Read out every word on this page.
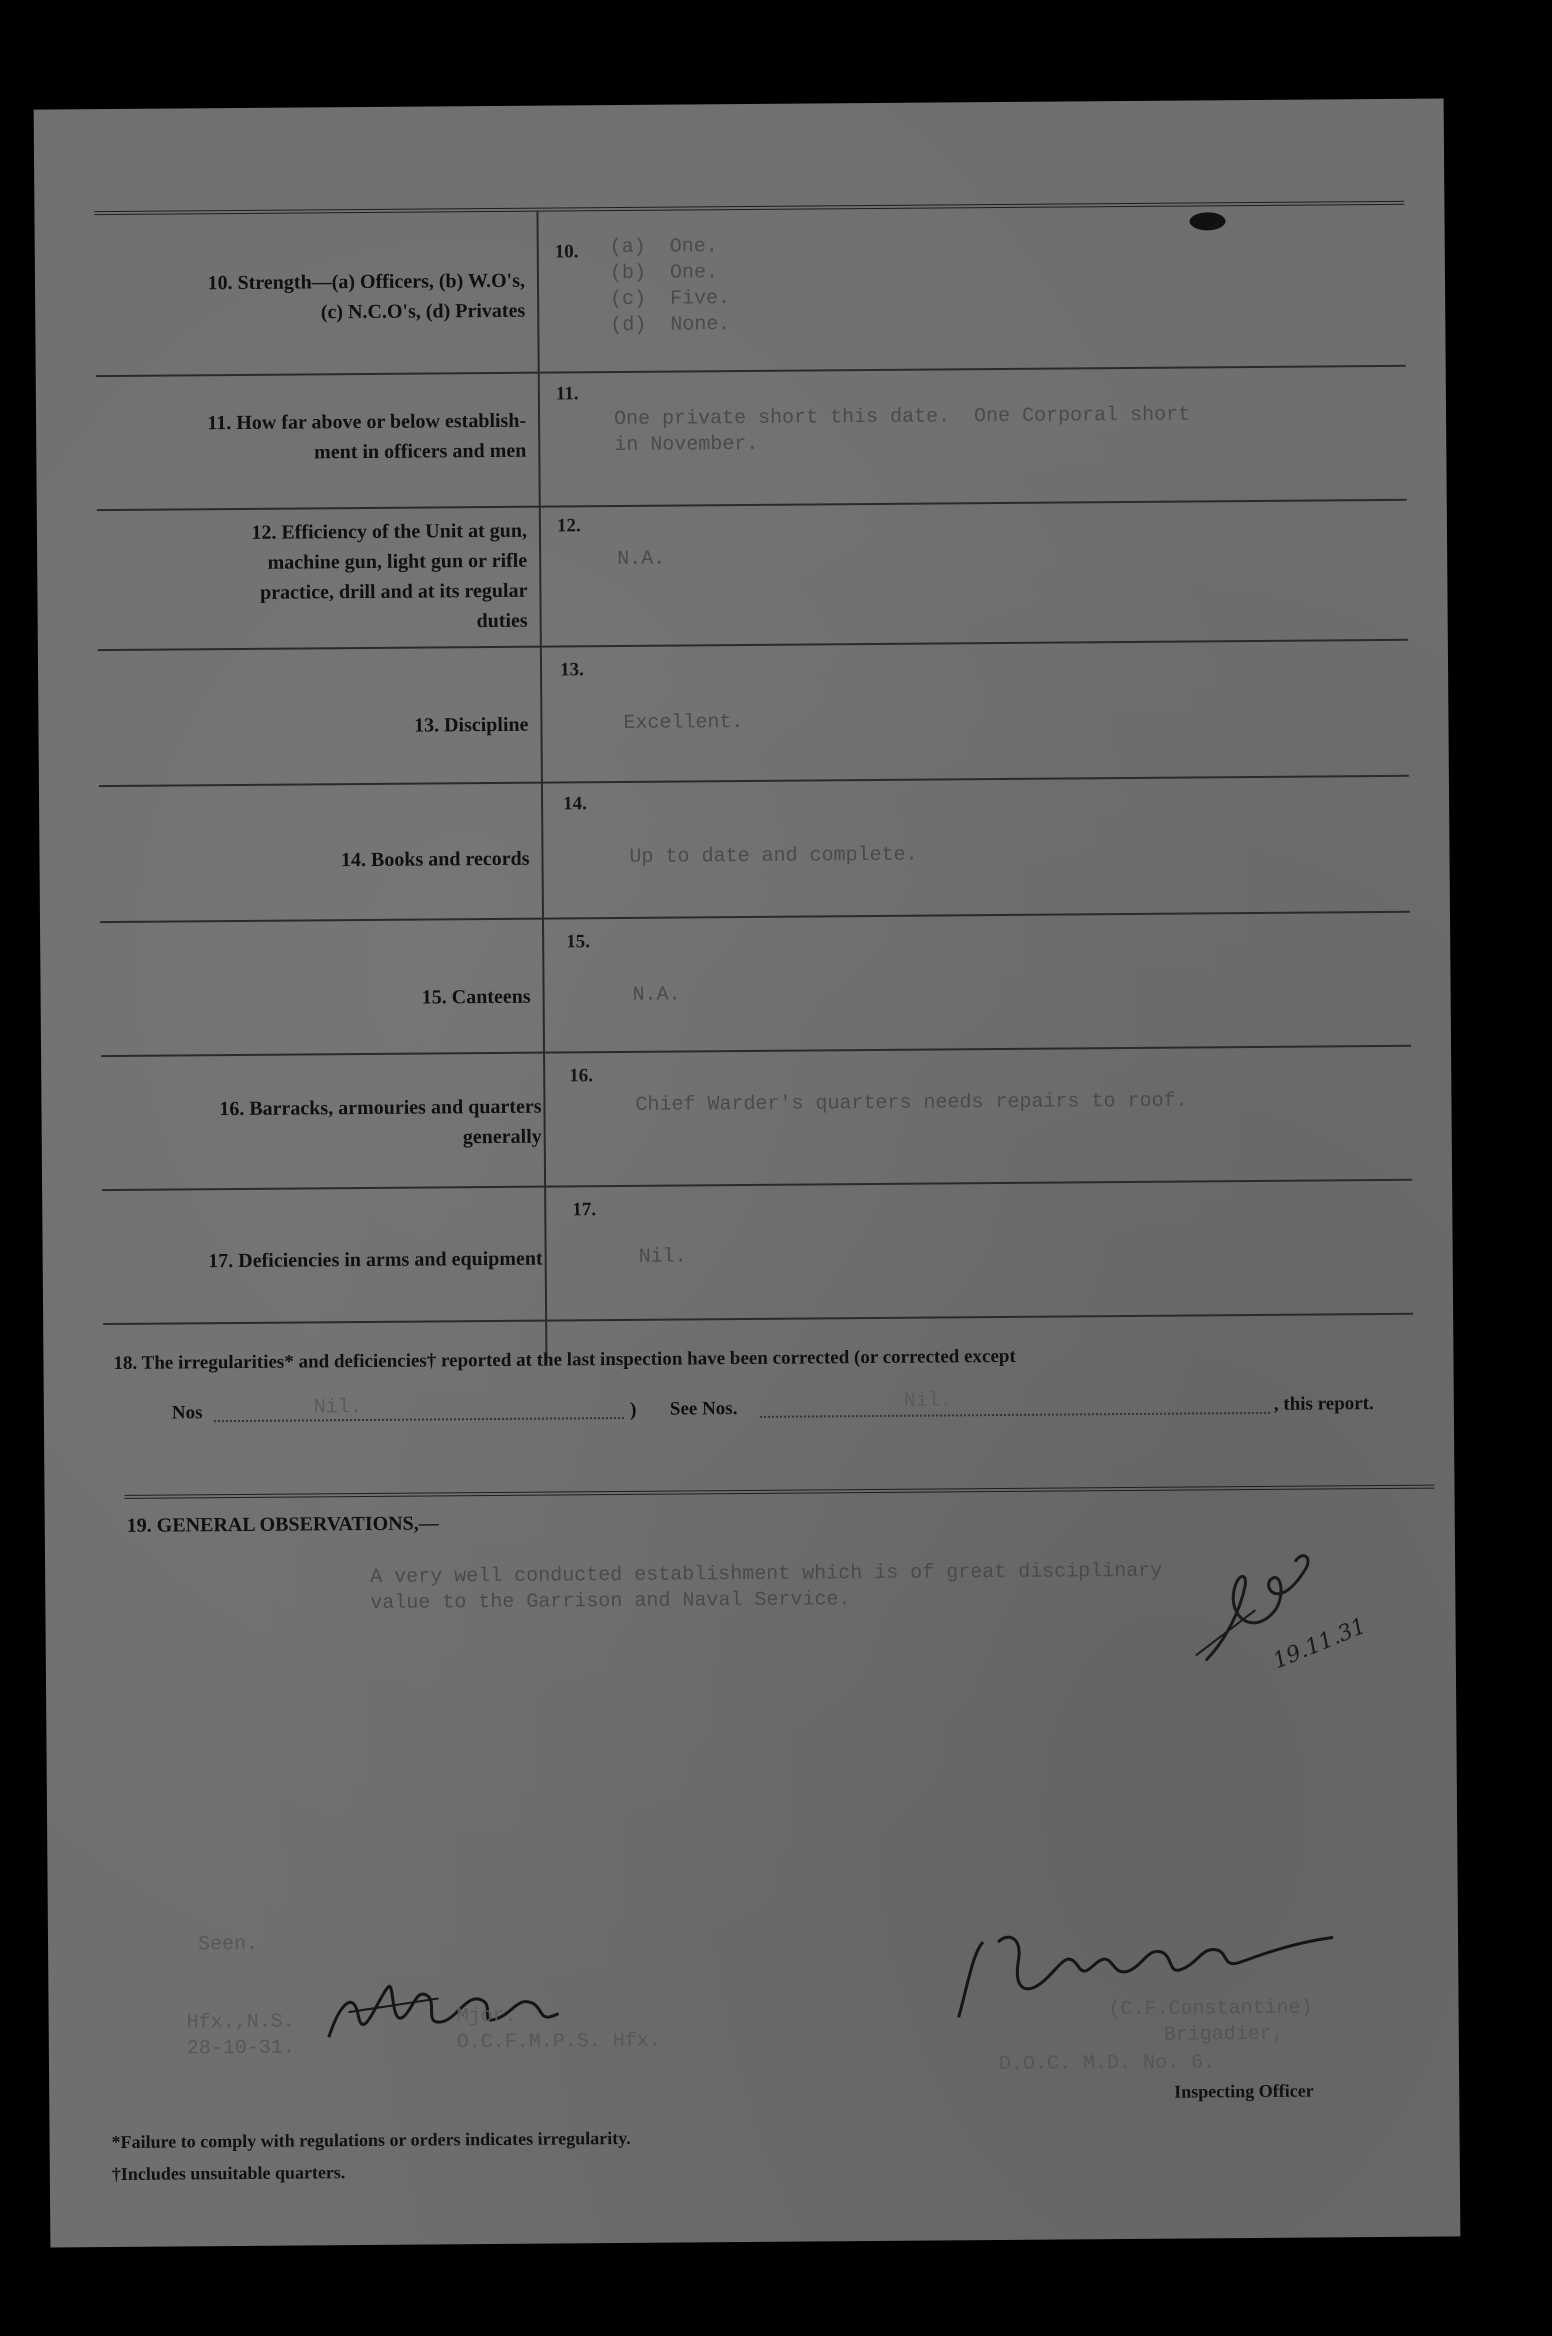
10. Strength—(a) Officers, (b) W.O's,
(c) N.C.O's, (d) Privates
10. (a)  One.
(b)  One.
(c)  Five.
(d)  None.
11. How far above or below establish-
ment in officers and men
11.
One private short this date.  One Corporal short
in November.
12. Efficiency of the Unit at gun,
machine gun, light gun or rifle
practice, drill and at its regular
duties
12.
N.A.
13. Discipline
13.
Excellent.
14. Books and records
14.
Up to date and complete.
15. Canteens
15.
N.A.
16. Barracks, armouries and quarters
generally
16.
Chief Warder's quarters needs repairs to roof.
17. Deficiencies in arms and equipment
17.
Nil.
18. The irregularities* and deficiencies† reported at the last inspection have been corrected (or corrected except
Nos	Nil.	) See Nos.	Nil.	, this report.
19. GENERAL OBSERVATIONS,—
A very well conducted establishment which is of great disciplinary
value to the Garrison and Naval Service.
19.11.31
Seen.
Hfx.,N.S.
28-10-31.
Mjor.
O.C.F.M.P.S. Hfx.
(C.F.Constantine)
Brigadier,
D.O.C. M.D. No. 6.
Inspecting Officer
*Failure to comply with regulations or orders indicates irregularity.
†Includes unsuitable quarters.
